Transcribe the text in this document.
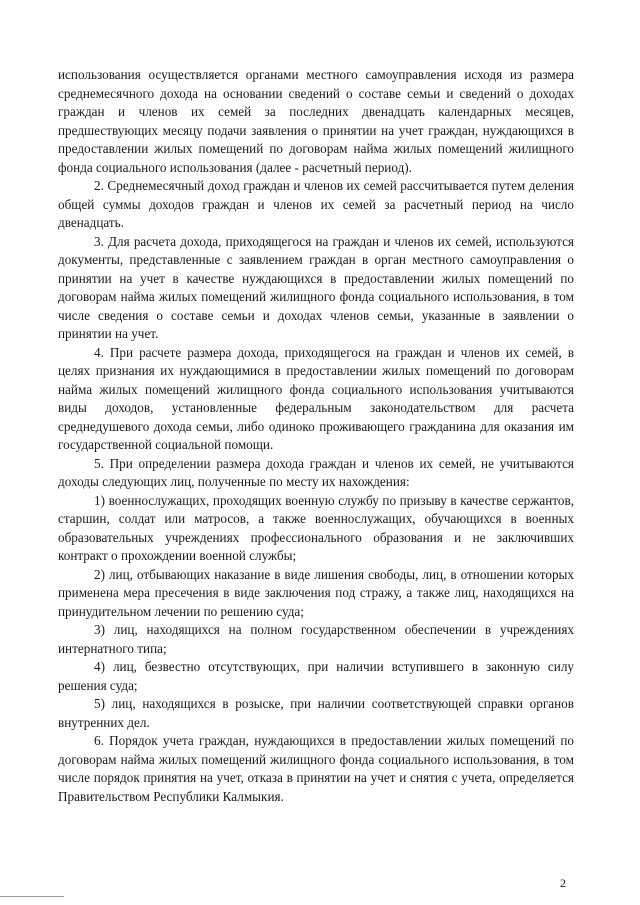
использования осуществляется органами местного самоуправления исходя из размера среднемесячного дохода на основании сведений о составе семьи и сведений о доходах граждан и членов их семей за последних двенадцать календарных месяцев, предшествующих месяцу подачи заявления о принятии на учет граждан, нуждающихся в предоставлении жилых помещений по договорам найма жилых помещений жилищного фонда социального использования (далее - расчетный период).

2. Среднемесячный доход граждан и членов их семей рассчитывается путем деления общей суммы доходов граждан и членов их семей за расчетный период на число двенадцать.

3. Для расчета дохода, приходящегося на граждан и членов их семей, используются документы, представленные с заявлением граждан в орган местного самоуправления о принятии на учет в качестве нуждающихся в предоставлении жилых помещений по договорам найма жилых помещений жилищного фонда социального использования, в том числе сведения о составе семьи и доходах членов семьи, указанные в заявлении о принятии на учет.

4. При расчете размера дохода, приходящегося на граждан и членов их семей, в целях признания их нуждающимися в предоставлении жилых помещений по договорам найма жилых помещений жилищного фонда социального использования учитываются виды доходов, установленные федеральным законодательством для расчета среднедушевого дохода семьи, либо одиноко проживающего гражданина для оказания им государственной социальной помощи.

5. При определении размера дохода граждан и членов их семей, не учитываются доходы следующих лиц, полученные по месту их нахождения:

1) военнослужащих, проходящих военную службу по призыву в качестве сержантов, старшин, солдат или матросов, а также военнослужащих, обучающихся в военных образовательных учреждениях профессионального образования и не заключивших контракт о прохождении военной службы;

2) лиц, отбывающих наказание в виде лишения свободы, лиц, в отношении которых применена мера пресечения в виде заключения под стражу, а также лиц, находящихся на принудительном лечении по решению суда;

3) лиц, находящихся на полном государственном обеспечении в учреждениях интернатного типа;

4) лиц, безвестно отсутствующих, при наличии вступившего в законную силу решения суда;

5) лиц, находящихся в розыске, при наличии соответствующей справки органов внутренних дел.

6. Порядок учета граждан, нуждающихся в предоставлении жилых помещений по договорам найма жилых помещений жилищного фонда социального использования, в том числе порядок принятия на учет, отказа в принятии на учет и снятия с учета, определяется Правительством Республики Калмыкия.

2
